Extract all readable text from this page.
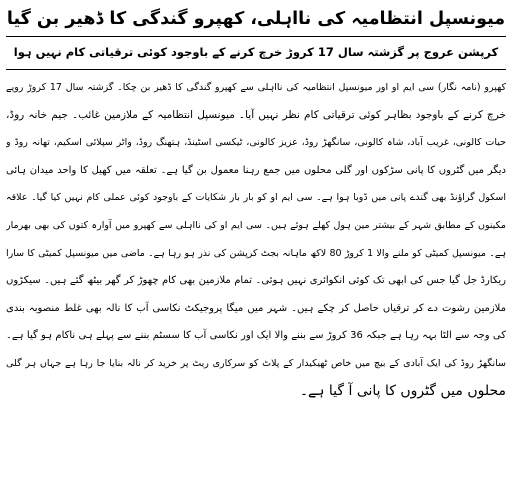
میونسپل انتظامیہ کی نااہلی، کھپرو گندگی کا ڈھیر بن گیا
کرپشن عروج پر گزشتہ سال 17 کروڑ خرچ کرنے کے باوجود کوئی ترقیاتی کام نہیں ہوا
کھپرو (نامہ نگار) سی ایم او اور میونسپل انتظامیہ کی نااہلی سے کھپرو گندگی کا ڈھیر بن چکا۔ گزشتہ سال 17 کروڑ روپے
خرچ کرنے کے باوجود بظاہر کوئی ترقیاتی کام نظر نہیں آیا۔ میونسپل انتظامیہ کے ملازمین غائب۔ جیم خانہ روڈ،
حیات کالونی، غریب آباد، شاہ کالونی، سانگھڑ روڈ، عزیز کالونی، ٹیکسی اسٹینڈ، ہتھنگ روڈ، واٹر سپلائی اسکیم، تھانہ روڈ و
دیگر میں گٹروں کا پانی سڑکوں اور گلی محلوں میں جمع رہنا معمول بن گیا ہے۔ تعلقہ میں کھیل کا واحد میدان ہائی
اسکول گراؤنڈ بھی گندے پانی میں ڈوبا ہوا ہے۔ سی ایم او کو بار بار شکایات کے باوجود کوئی عملی کام نہیں کیا گیا۔ علاقہ
مکینوں کے مطابق شہر کے بیشتر مین ہول کھلے ہوئے ہیں۔ سی ایم او کی نااہلی سے کھپرو میں آوارہ کتوں کی بھی بھرمار
ہے۔ میونسپل کمیٹی کو ملنے والا 1 کروڑ 80 لاکھ ماہانہ بجٹ کرپشن کی نذر ہو رہا ہے۔ ماضی میں میونسپل کمیٹی کا سارا
ریکارڈ جل گیا جس کی ابھی تک کوئی انکوائری نہیں ہوئی۔ تمام ملازمین بھی کام چھوڑ کر گھر بیٹھ گئے ہیں۔ سیکڑوں
ملازمین رشوت دے کر ترقیاں حاصل کر چکے ہیں۔ شہر میں میگا پروجیکٹ نکاسی آب کا نالہ بھی غلط منصوبہ بندی
کی وجہ سے الٹا بہہ رہا ہے جبکہ 36 کروڑ سے بننے والا ایک اور نکاسی آب کا سسٹم بننے سے پہلے ہی ناکام ہو گیا ہے۔
سانگھڑ روڈ کی ایک آبادی کے بیچ میں خاص ٹھیکیدار کے پلاٹ کو سرکاری ریٹ پر خرید کر نالہ بنایا جا رہا ہے جہاں ہر گلی
محلوں میں گٹروں کا پانی آ گیا ہے۔
